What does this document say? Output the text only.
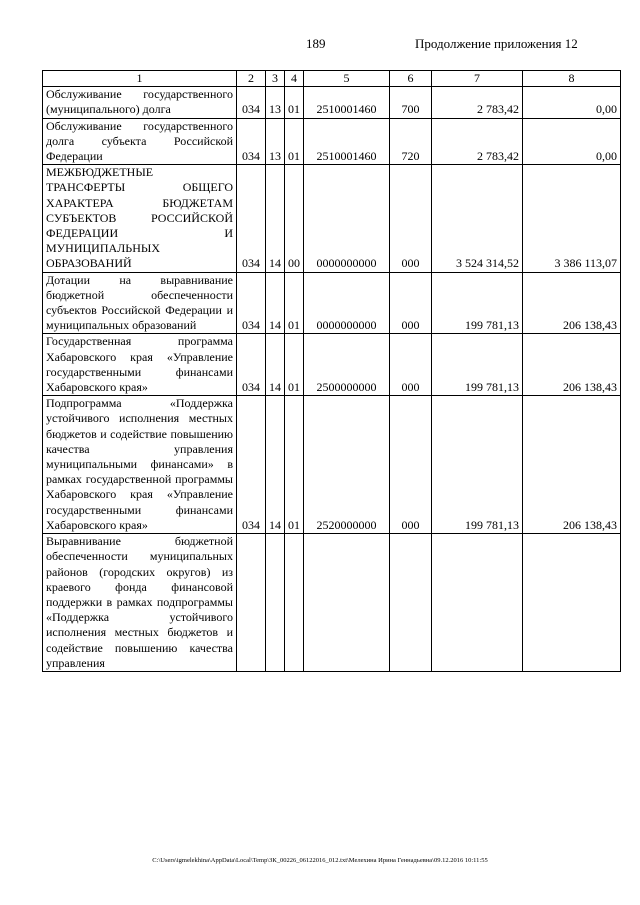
189	Продолжение приложения 12
1	2	3	4	5	6	7	8
Обслуживание государственного (муниципального) долга	034	13	01	2510001460	700	2 783,42	0,00
Обслуживание государственного долга субъекта Российской Федерации	034	13	01	2510001460	720	2 783,42	0,00
МЕЖБЮДЖЕТНЫЕ ТРАНСФЕРТЫ ОБЩЕГО ХАРАКТЕРА БЮДЖЕТАМ СУБЪЕКТОВ РОССИЙСКОЙ ФЕДЕРАЦИИ И МУНИЦИПАЛЬНЫХ ОБРАЗОВАНИЙ	034	14	00	0000000000	000	3 524 314,52	3 386 113,07
Дотации на выравнивание бюджетной обеспеченности субъектов Российской Федерации и муниципальных образований	034	14	01	0000000000	000	199 781,13	206 138,43
Государственная программа Хабаровского края «Управление государственными финансами Хабаровского края»	034	14	01	2500000000	000	199 781,13	206 138,43
Подпрограмма «Поддержка устойчивого исполнения местных бюджетов и содействие повышению качества управления муниципальными финансами» в рамках государственной программы Хабаровского края «Управление государственными финансами Хабаровского края»	034	14	01	2520000000	000	199 781,13	206 138,43
Выравнивание бюджетной обеспеченности муниципальных районов (городских округов) из краевого фонда финансовой поддержки в рамках подпрограммы «Поддержка устойчивого исполнения местных бюджетов и содействие повышению качества управления							
C:\Users\igmelekhina\AppData\Local\Temp\ЗК_00226_06122016_012.txt\Мелехина Ирина Геннадьевна\09.12.2016 10:11:55
